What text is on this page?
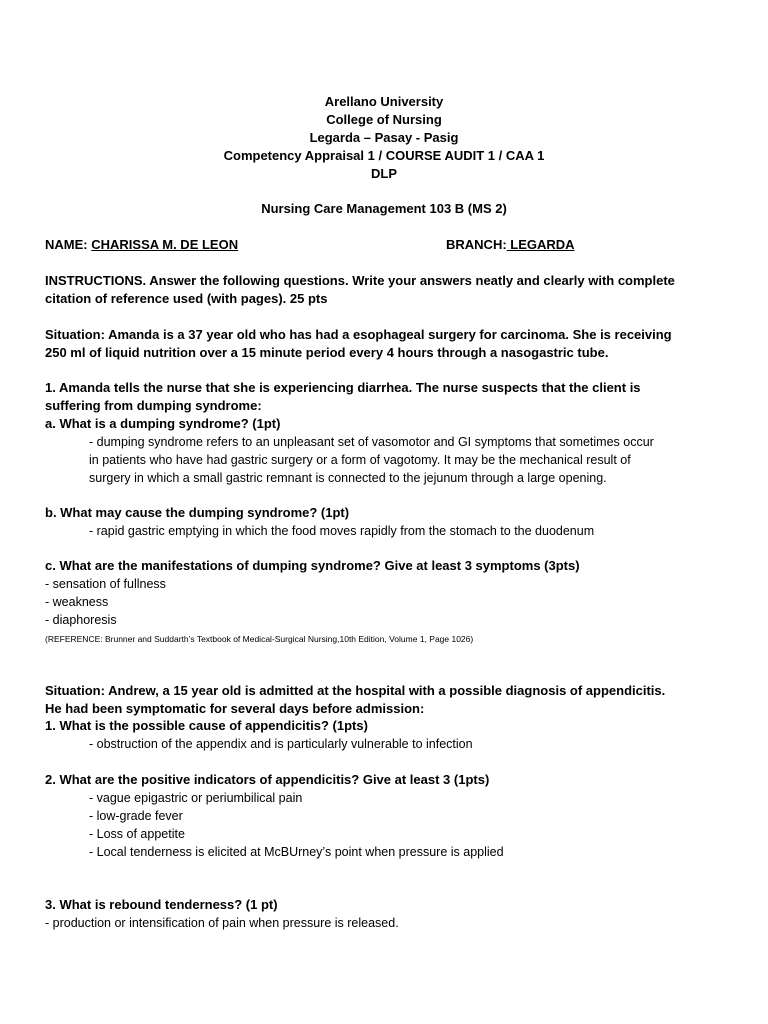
Arellano University
College of Nursing
Legarda – Pasay - Pasig
Competency Appraisal 1 / COURSE AUDIT 1 / CAA 1
DLP
Nursing Care Management 103 B (MS 2)
NAME: CHARISSA M. DE LEON	BRANCH: LEGARDA
INSTRUCTIONS. Answer the following questions. Write your answers neatly and clearly with complete
citation of reference used (with pages). 25 pts
Situation: Amanda is a 37 year old who has had a esophageal surgery for carcinoma. She is receiving
250 ml of liquid nutrition over a 15 minute period every 4 hours through a nasogastric tube.
1. Amanda tells the nurse that she is experiencing diarrhea. The nurse suspects that the client is
suffering from dumping syndrome:
a. What is a dumping syndrome? (1pt)
- dumping syndrome refers to an unpleasant set of vasomotor and GI symptoms that sometimes occur
in patients who have had gastric surgery or a form of vagotomy. It may be the mechanical result of
surgery in which a small gastric remnant is connected to the jejunum through a large opening.
b. What may cause the dumping syndrome? (1pt)
- rapid gastric emptying in which the food moves rapidly from the stomach to the duodenum
c. What are the manifestations of dumping syndrome? Give at least 3 symptoms (3pts)
- sensation of fullness
- weakness
- diaphoresis
(REFERENCE: Brunner and Suddarth’s Textbook of Medical-Surgical Nursing,10th Edition, Volume 1, Page 1026)
Situation: Andrew, a 15 year old is admitted at the hospital with a possible diagnosis of appendicitis.
He had been symptomatic for several days before admission:
1. What is the possible cause of appendicitis? (1pts)
- obstruction of the appendix and is particularly vulnerable to infection
2. What are the positive indicators of appendicitis? Give at least 3 (1pts)
- vague epigastric or periumbilical pain
- low-grade fever
- Loss of appetite
- Local tenderness is elicited at McBUrney’s point when pressure is applied
3. What is rebound tenderness? (1 pt)
- production or intensification of pain when pressure is released.
